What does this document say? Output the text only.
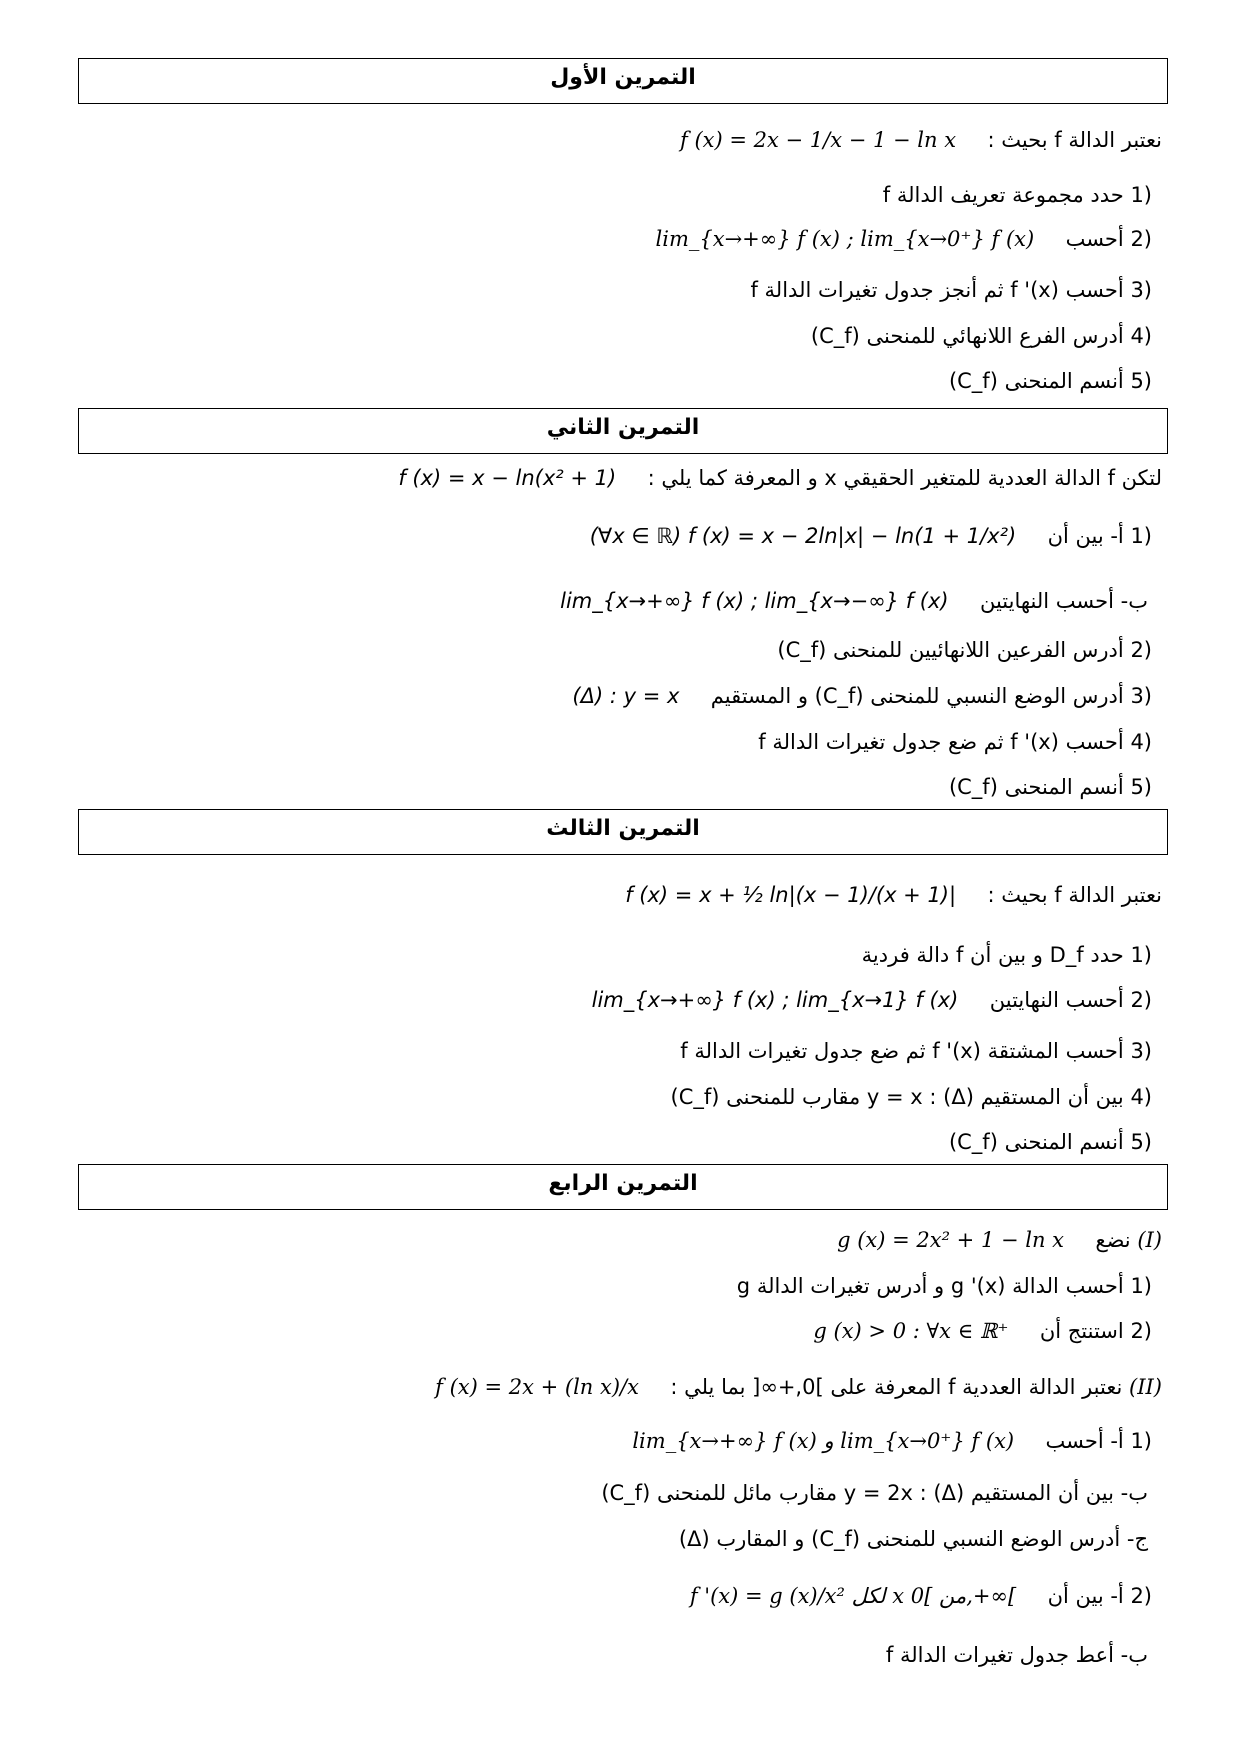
التمرين الأول
نعتبر الدالة f بحيث :  f (x) = 2x − 1/x − 1 − ln x
1) حدد مجموعة تعريف الدالة f
2) أحسب  lim_{x→+∞} f (x) ; lim_{x→0⁺} f (x)
3) أحسب f '(x) ثم أنجز جدول تغيرات الدالة f
4) أدرس الفرع اللانهائي للمنحنى (C_f)
5) أنسم المنحنى (C_f)
التمرين الثاني
لتكن f الدالة العددية للمتغير الحقيقي x و المعرفة كما يلي :  f (x) = x − ln(x² + 1)
1) أ- بين أن  (∀x ∈ ℝ) f (x) = x − 2ln|x| − ln(1 + 1/x²)
ب- أحسب النهايتين  lim_{x→+∞} f (x) ; lim_{x→−∞} f (x)
2) أدرس الفرعين اللانهائيين للمنحنى (C_f)
3) أدرس الوضع النسبي للمنحنى (C_f) و المستقيم  (Δ) : y = x
4) أحسب f '(x) ثم ضع جدول تغيرات الدالة f
5) أنسم المنحنى (C_f)
التمرين الثالث
نعتبر الدالة f بحيث :  f (x) = x + ½ ln|(x − 1)/(x + 1)|
1) حدد D_f و بين أن f دالة فردية
2) أحسب النهايتين  lim_{x→+∞} f (x) ; lim_{x→1} f (x)
3) أحسب المشتقة f '(x) ثم ضع جدول تغيرات الدالة f
4) بين أن المستقيم (Δ) : y = x مقارب للمنحنى (C_f)
5) أنسم المنحنى (C_f)
التمرين الرابع
(I) نضع  g (x) = 2x² + 1 − ln x
1) أحسب الدالة g '(x) و أدرس تغيرات الدالة g
2) استنتج أن  g (x) > 0 : ∀x ∈ ℝ⁺
(II) نعتبر الدالة العددية f المعرفة على ]0,+∞[ بما يلي :  f (x) = 2x + (ln x)/x
1) أ- أحسب  lim_{x→+∞} f (x) و lim_{x→0⁺} f (x)
ب- بين أن المستقيم (Δ) : y = 2x مقارب مائل للمنحنى (C_f)
ج- أدرس الوضع النسبي للمنحنى (C_f) و المقارب (Δ)
2) أ- بين أن  f '(x) = g (x)/x² لكل x من ]0,+∞[
ب- أعط جدول تغيرات الدالة f
